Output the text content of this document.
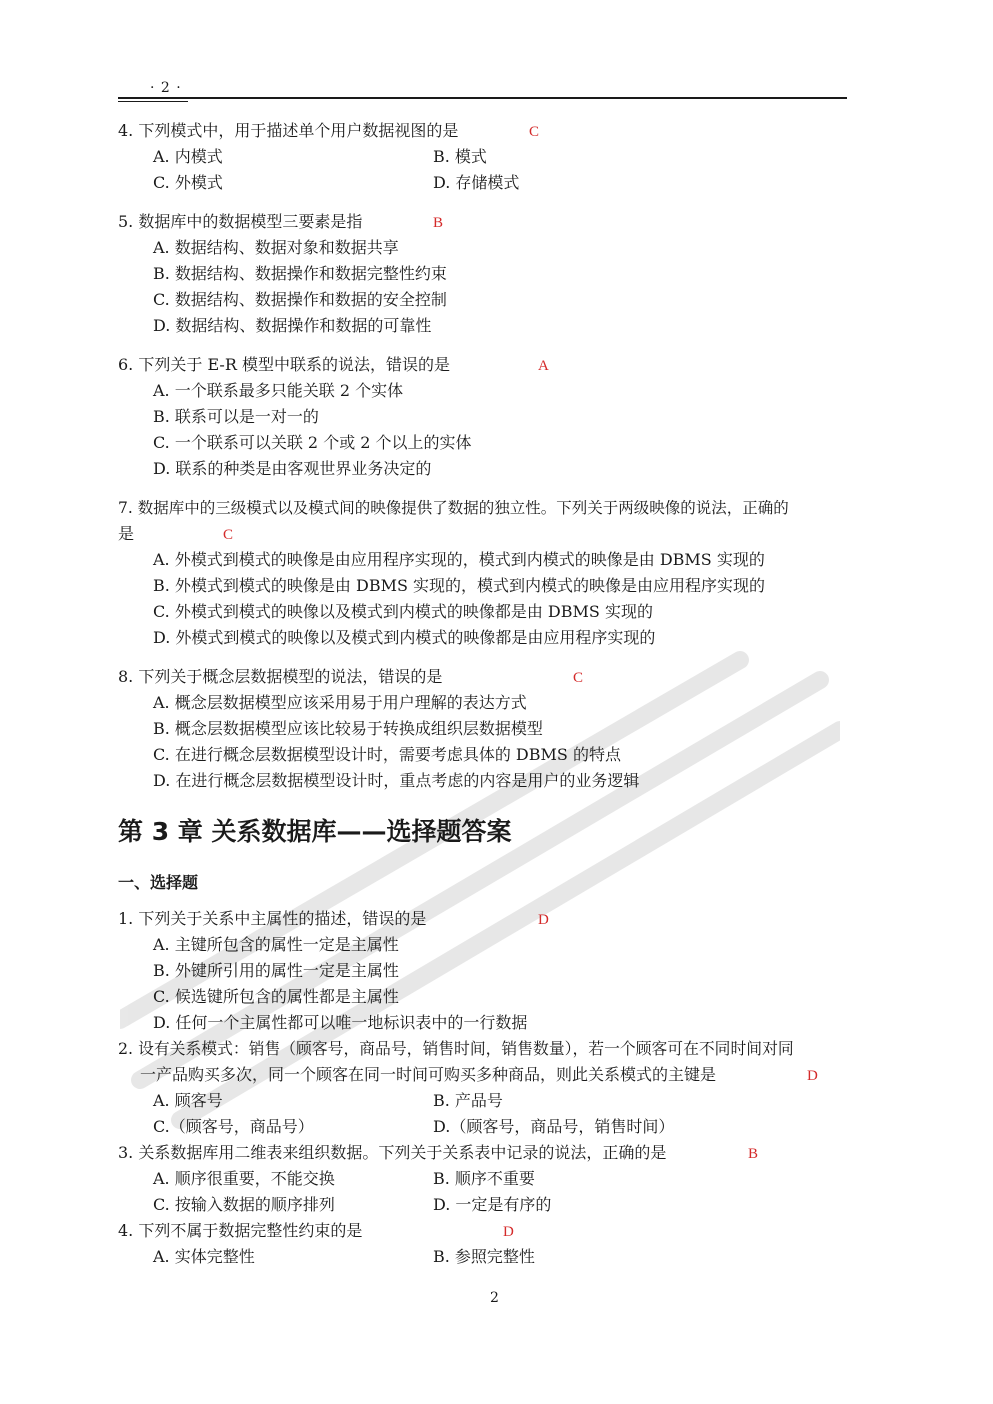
· 2 ·
4. 下列模式中，用于描述单个用户数据视图的是	C
A. 内模式	B. 模式
C. 外模式	D. 存储模式
5. 数据库中的数据模型三要素是指	B
A. 数据结构、数据对象和数据共享
B. 数据结构、数据操作和数据完整性约束
C. 数据结构、数据操作和数据的安全控制
D. 数据结构、数据操作和数据的可靠性
6. 下列关于 E-R 模型中联系的说法，错误的是	A
A. 一个联系最多只能关联 2 个实体
B. 联系可以是一对一的
C. 一个联系可以关联 2 个或 2 个以上的实体
D. 联系的种类是由客观世界业务决定的
7. 数据库中的三级模式以及模式间的映像提供了数据的独立性。下列关于两级映像的说法，正确的
是	C
A. 外模式到模式的映像是由应用程序实现的，模式到内模式的映像是由 DBMS 实现的
B. 外模式到模式的映像是由 DBMS 实现的，模式到内模式的映像是由应用程序实现的
C. 外模式到模式的映像以及模式到内模式的映像都是由 DBMS 实现的
D. 外模式到模式的映像以及模式到内模式的映像都是由应用程序实现的
8. 下列关于概念层数据模型的说法，错误的是	C
A. 概念层数据模型应该采用易于用户理解的表达方式
B. 概念层数据模型应该比较易于转换成组织层数据模型
C. 在进行概念层数据模型设计时，需要考虑具体的 DBMS 的特点
D. 在进行概念层数据模型设计时，重点考虑的内容是用户的业务逻辑
第 3 章 关系数据库——选择题答案
一、选择题
1. 下列关于关系中主属性的描述，错误的是	D
A. 主键所包含的属性一定是主属性
B. 外键所引用的属性一定是主属性
C. 候选键所包含的属性都是主属性
D. 任何一个主属性都可以唯一地标识表中的一行数据
2. 设有关系模式：销售（顾客号，商品号，销售时间，销售数量），若一个顾客可在不同时间对同
一产品购买多次，同一个顾客在同一时间可购买多种商品，则此关系模式的主键是	D
A. 顾客号	B. 产品号
C.（顾客号，商品号）	D.（顾客号，商品号，销售时间）
3. 关系数据库用二维表来组织数据。下列关于关系表中记录的说法，正确的是	B
A. 顺序很重要，不能交换	B. 顺序不重要
C. 按输入数据的顺序排列	D. 一定是有序的
4. 下列不属于数据完整性约束的是	D
A. 实体完整性	B. 参照完整性
2
